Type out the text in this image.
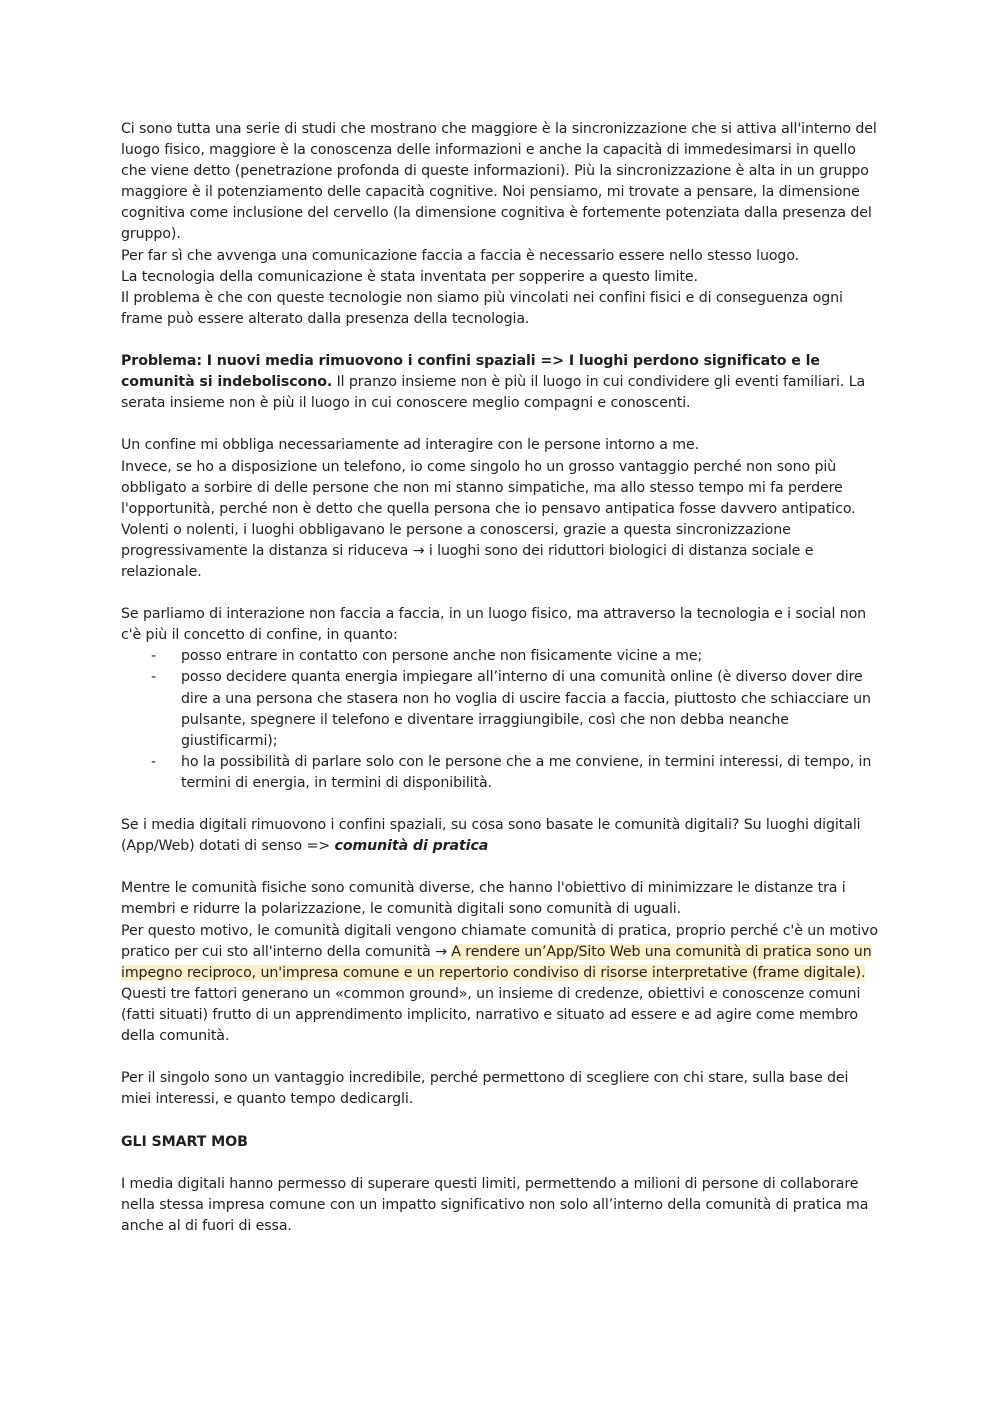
Ci sono tutta una serie di studi che mostrano che maggiore è la sincronizzazione che si attiva all'interno del luogo fisico, maggiore è la conoscenza delle informazioni e anche la capacità di immedesimarsi in quello che viene detto (penetrazione profonda di queste informazioni). Più la sincronizzazione è alta in un gruppo maggiore è il potenziamento delle capacità cognitive. Noi pensiamo, mi trovate a pensare, la dimensione cognitiva come inclusione del cervello (la dimensione cognitiva è fortemente potenziata dalla presenza del gruppo).

Per far sì che avvenga una comunicazione faccia a faccia è necessario essere nello stesso luogo.

La tecnologia della comunicazione è stata inventata per sopperire a questo limite.

Il problema è che con queste tecnologie non siamo più vincolati nei confini fisici e di conseguenza ogni frame può essere alterato dalla presenza della tecnologia.

Problema: I nuovi media rimuovono i confini spaziali => I luoghi perdono significato e le comunità si indeboliscono. Il pranzo insieme non è più il luogo in cui condividere gli eventi familiari. La serata insieme non è più il luogo in cui conoscere meglio compagni e conoscenti.

Un confine mi obbliga necessariamente ad interagire con le persone intorno a me.

Invece, se ho a disposizione un telefono, io come singolo ho un grosso vantaggio perché non sono più obbligato a sorbire di delle persone che non mi stanno simpatiche, ma allo stesso tempo mi fa perdere l'opportunità, perché non è detto che quella persona che io pensavo antipatica fosse davvero antipatico. Volenti o nolenti, i luoghi obbligavano le persone a conoscersi, grazie a questa sincronizzazione progressivamente la distanza si riduceva → i luoghi sono dei riduttori biologici di distanza sociale e relazionale.

Se parliamo di interazione non faccia a faccia, in un luogo fisico, ma attraverso la tecnologia e i social non c'è più il concetto di confine, in quanto:

- posso entrare in contatto con persone anche non fisicamente vicine a me;
- posso decidere quanta energia impiegare all’interno di una comunità online (è diverso dover dire dire a una persona che stasera non ho voglia di uscire faccia a faccia, piuttosto che schiacciare un pulsante, spegnere il telefono e diventare irraggiungibile, così che non debba neanche giustificarmi);
- ho la possibilità di parlare solo con le persone che a me conviene, in termini interessi, di tempo, in termini di energia, in termini di disponibilità.

Se i media digitali rimuovono i confini spaziali, su cosa sono basate le comunità digitali? Su luoghi digitali (App/Web) dotati di senso => comunità di pratica

Mentre le comunità fisiche sono comunità diverse, che hanno l'obiettivo di minimizzare le distanze tra i membri e ridurre la polarizzazione, le comunità digitali sono comunità di uguali.

Per questo motivo, le comunità digitali vengono chiamate comunità di pratica, proprio perché c'è un motivo pratico per cui sto all'interno della comunità → A rendere un’App/Sito Web una comunità di pratica sono un impegno reciproco, un'impresa comune e un repertorio condiviso di risorse interpretative (frame digitale).

Questi tre fattori generano un «common ground», un insieme di credenze, obiettivi e conoscenze comuni (fatti situati) frutto di un apprendimento implicito, narrativo e situato ad essere e ad agire come membro della comunità.

Per il singolo sono un vantaggio incredibile, perché permettono di scegliere con chi stare, sulla base dei miei interessi, e quanto tempo dedicargli.

GLI SMART MOB

I media digitali hanno permesso di superare questi limiti, permettendo a milioni di persone di collaborare nella stessa impresa comune con un impatto significativo non solo all’interno della comunità di pratica ma anche al di fuori di essa.
